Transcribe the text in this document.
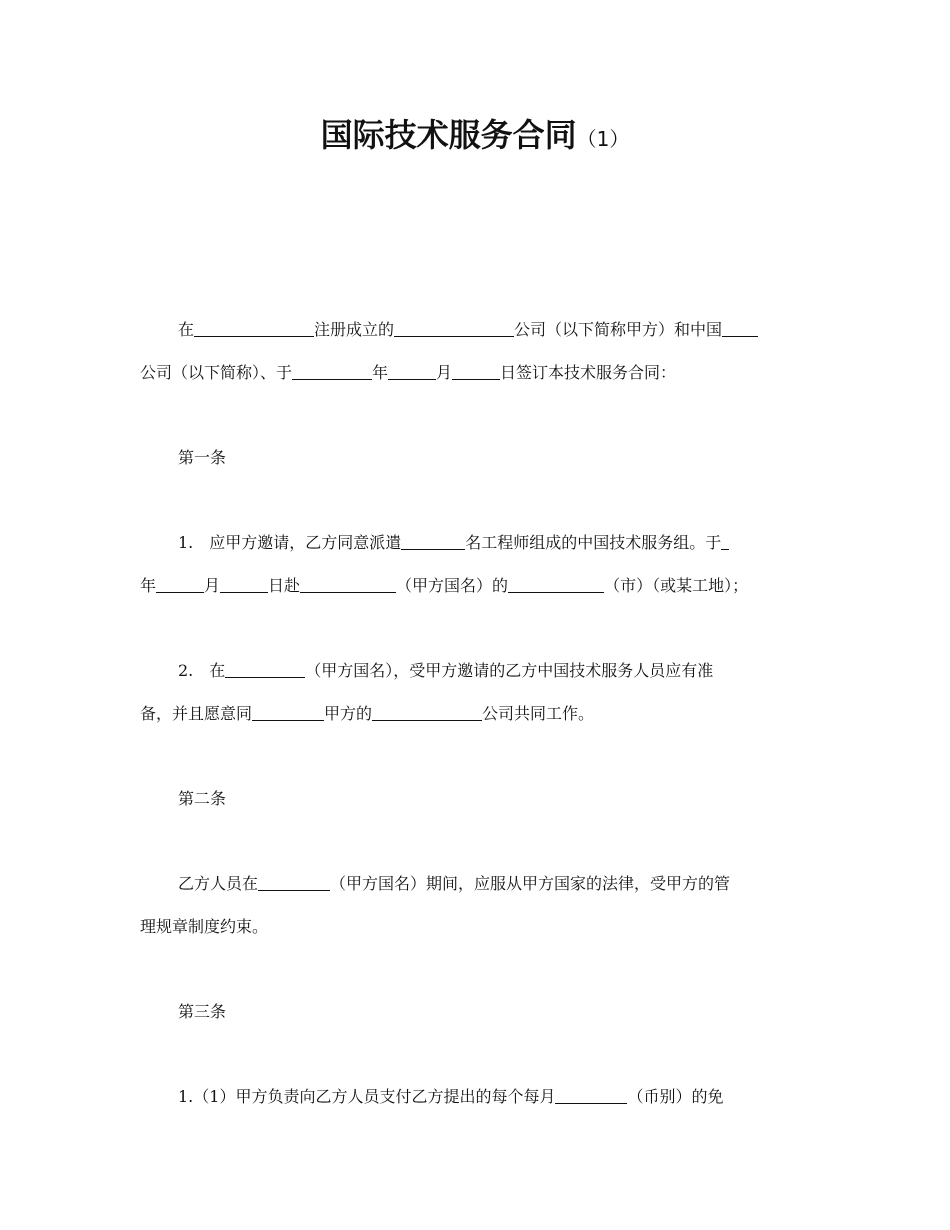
国际技术服务合同（1）
在	注册成立的	公司（以下简称甲方）和中国
公司（以下简称）、于	年	月	日签订本技术服务合同：
第一条
1.　应甲方邀请，乙方同意派遣	名工程师组成的中国技术服务组。于
年	月	日赴	（甲方国名）的	（市）（或某工地）；
2.　在	（甲方国名），受甲方邀请的乙方中国技术服务人员应有准
备，并且愿意同	甲方的	公司共同工作。
第二条
乙方人员在	（甲方国名）期间，应服从甲方国家的法律，受甲方的管
理规章制度约束。
第三条
1.（1）甲方负责向乙方人员支付乙方提出的每个每月	（币别）的免
